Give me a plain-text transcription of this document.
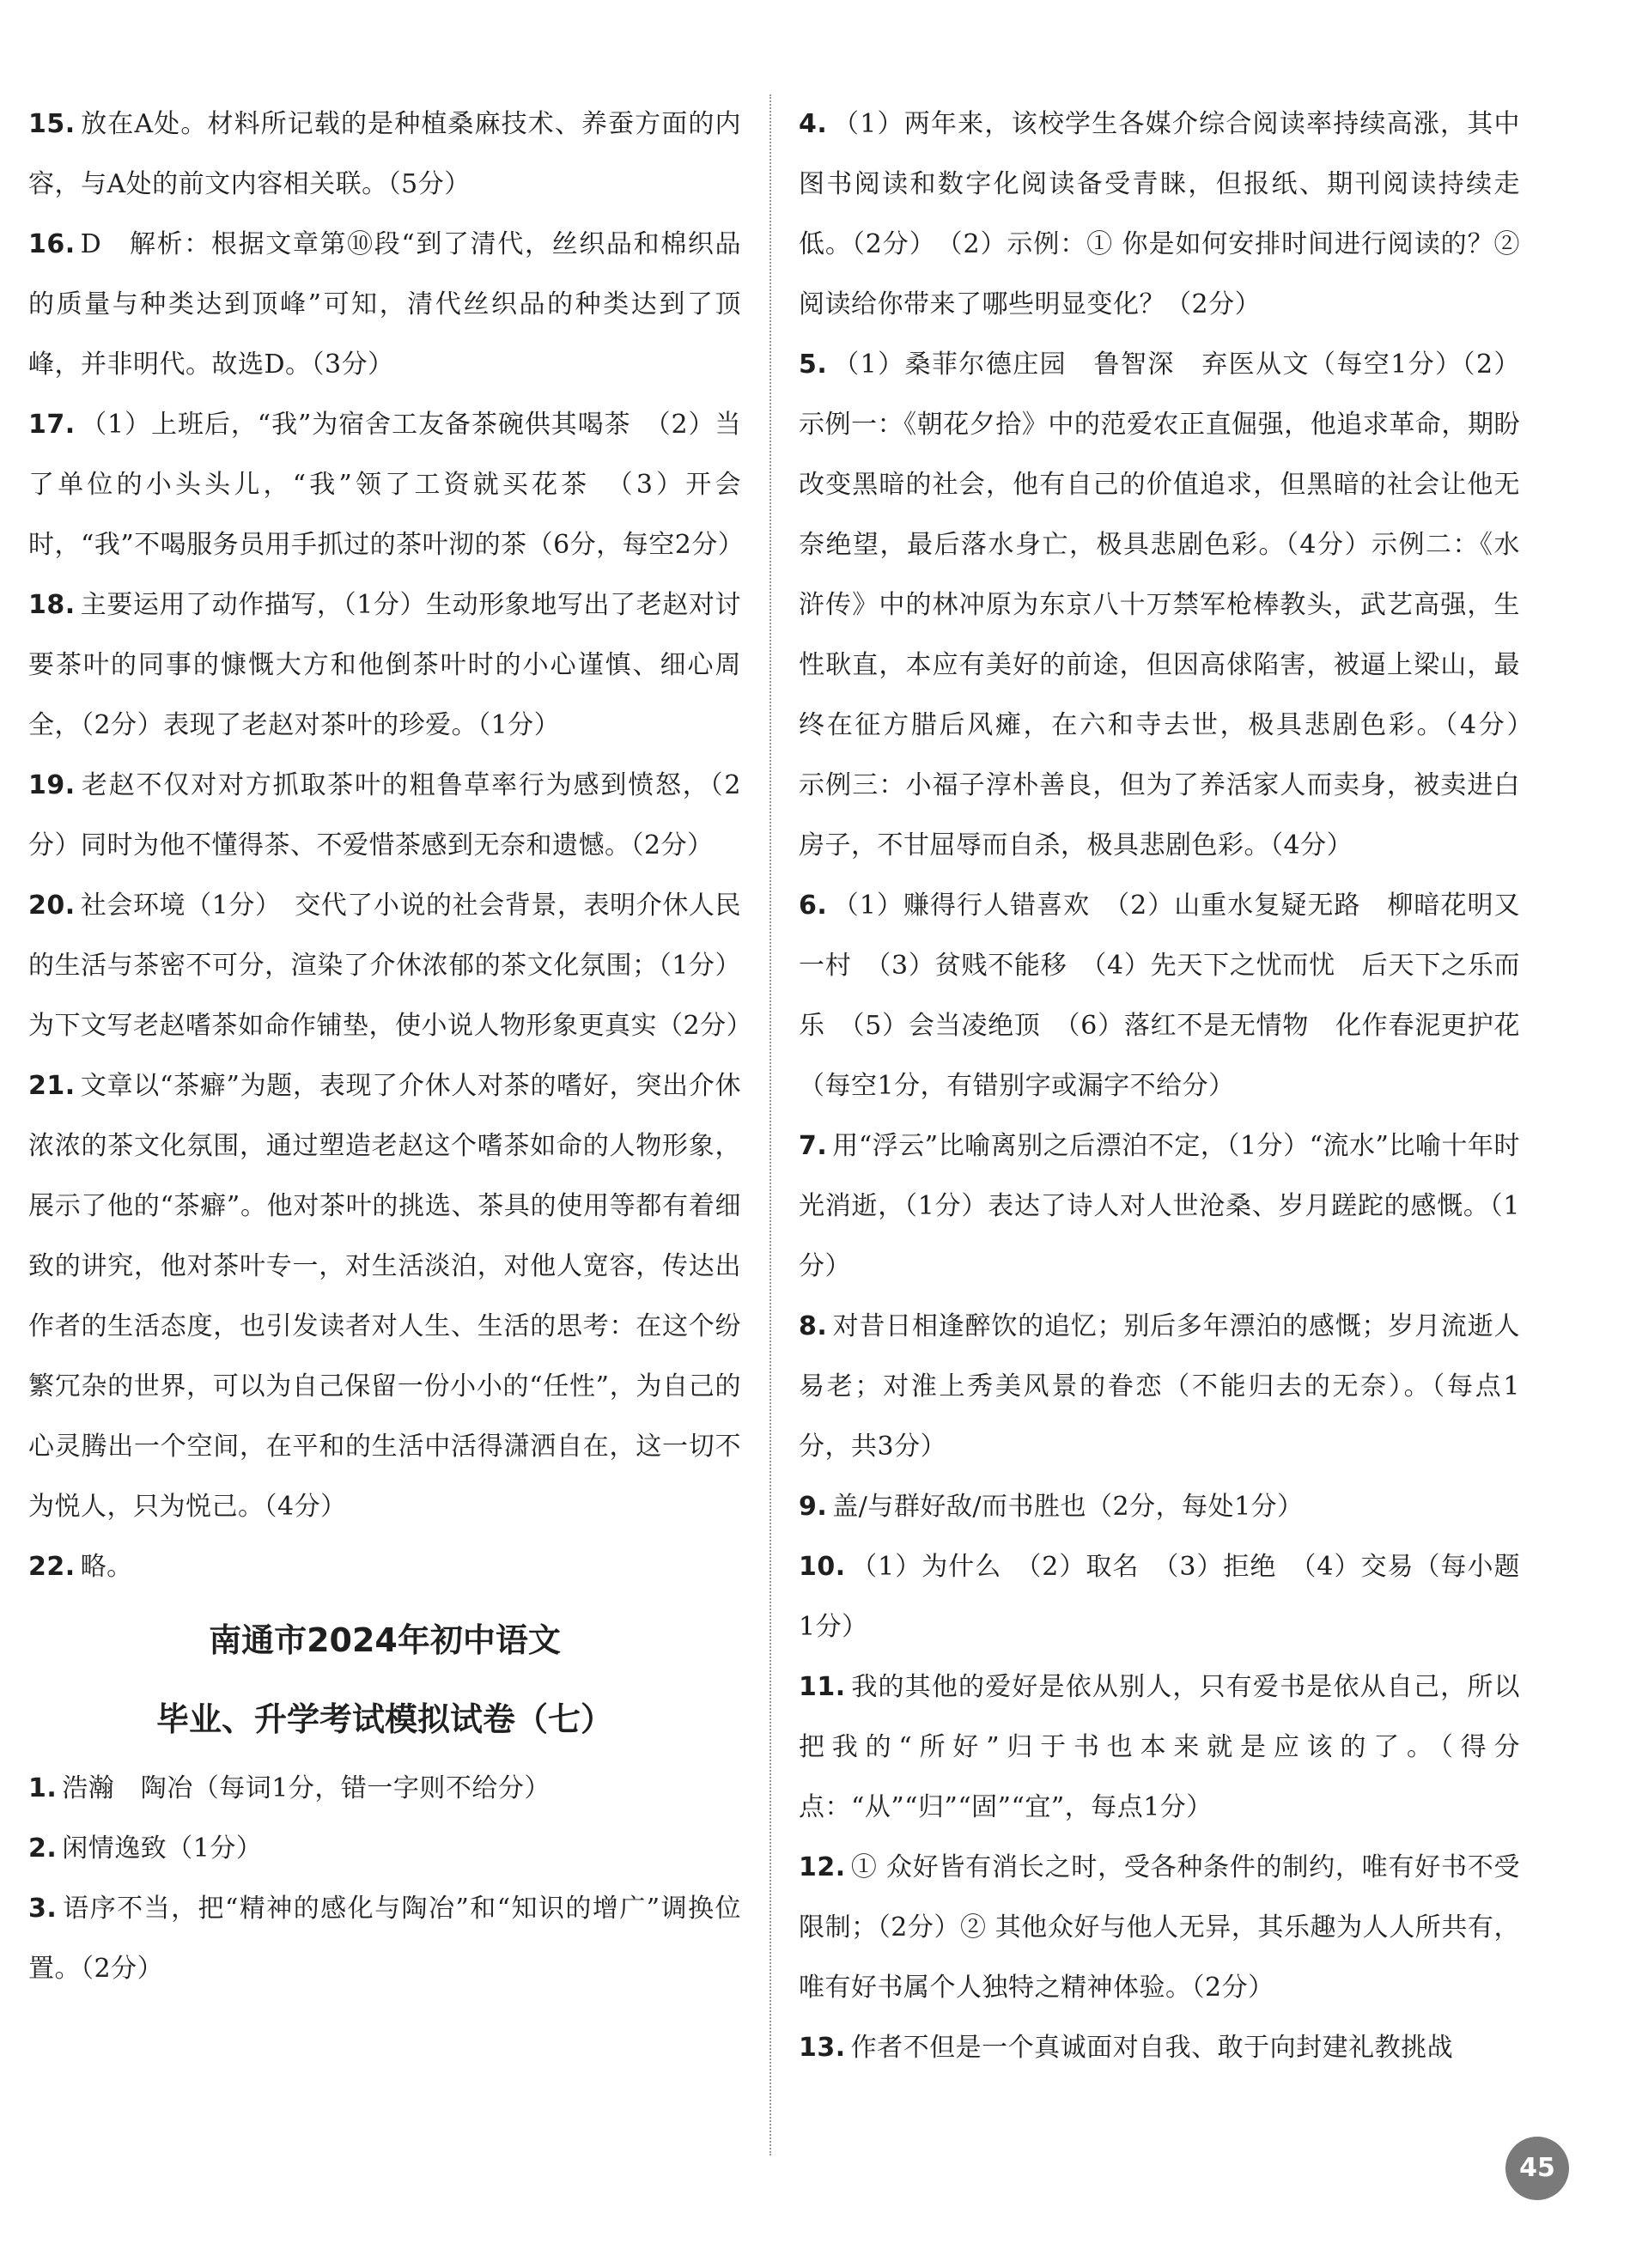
15. 放在A处。材料所记载的是种植桑麻技术、养蚕方面的内容，与A处的前文内容相关联。（5分）

16. D　解析：根据文章第⑩段“到了清代，丝织品和棉织品的质量与种类达到顶峰”可知，清代丝织品的种类达到了顶峰，并非明代。故选D。（3分）

17. （1）上班后，“我”为宿舍工友备茶碗供其喝茶　（2）当了单位的小头头儿，“我”领了工资就买花茶　（3）开会时，“我”不喝服务员用手抓过的茶叶沏的茶（6分，每空2分）

18. 主要运用了动作描写，（1分）生动形象地写出了老赵对讨要茶叶的同事的慷慨大方和他倒茶叶时的小心谨慎、细心周全，（2分）表现了老赵对茶叶的珍爱。（1分）

19. 老赵不仅对对方抓取茶叶的粗鲁草率行为感到愤怒，（2分）同时为他不懂得茶、不爱惜茶感到无奈和遗憾。（2分）

20. 社会环境（1分）　交代了小说的社会背景，表明介休人民的生活与茶密不可分，渲染了介休浓郁的茶文化氛围；（1分）为下文写老赵嗜茶如命作铺垫，使小说人物形象更真实（2分）

21. 文章以“茶癖”为题，表现了介休人对茶的嗜好，突出介休浓浓的茶文化氛围，通过塑造老赵这个嗜茶如命的人物形象，展示了他的“茶癖”。他对茶叶的挑选、茶具的使用等都有着细致的讲究，他对茶叶专一，对生活淡泊，对他人宽容，传达出作者的生活态度，也引发读者对人生、生活的思考：在这个纷繁冗杂的世界，可以为自己保留一份小小的“任性”，为自己的心灵腾出一个空间，在平和的生活中活得潇洒自在，这一切不为悦人，只为悦己。（4分）

22. 略。

南通市2024年初中语文
毕业、升学考试模拟试卷（七）

1. 浩瀚　陶冶（每词1分，错一字则不给分）

2. 闲情逸致（1分）

3. 语序不当，把“精神的感化与陶冶”和“知识的增广”调换位置。（2分）

4. （1）两年来，该校学生各媒介综合阅读率持续高涨，其中图书阅读和数字化阅读备受青睐，但报纸、期刊阅读持续走低。（2分）　（2）示例：① 你是如何安排时间进行阅读的？② 阅读给你带来了哪些明显变化？（2分）

5. （1）桑菲尔德庄园　鲁智深　弃医从文（每空1分）（2）示例一：《朝花夕拾》中的范爱农正直倔强，他追求革命，期盼改变黑暗的社会，他有自己的价值追求，但黑暗的社会让他无奈绝望，最后落水身亡，极具悲剧色彩。（4分）示例二：《水浒传》中的林冲原为东京八十万禁军枪棒教头，武艺高强，生性耿直，本应有美好的前途，但因高俅陷害，被逼上梁山，最终在征方腊后风瘫，在六和寺去世，极具悲剧色彩。（4分）　示例三：小福子淳朴善良，但为了养活家人而卖身，被卖进白房子，不甘屈辱而自杀，极具悲剧色彩。（4分）

6. （1）赚得行人错喜欢　（2）山重水复疑无路　柳暗花明又一村　（3）贫贱不能移　（4）先天下之忧而忧　后天下之乐而乐　（5）会当凌绝顶　（6）落红不是无情物　化作春泥更护花（每空1分，有错别字或漏字不给分）

7. 用“浮云”比喻离别之后漂泊不定，（1分）“流水”比喻十年时光消逝，（1分）表达了诗人对人世沧桑、岁月蹉跎的感慨。（1分）

8. 对昔日相逢醉饮的追忆；别后多年漂泊的感慨；岁月流逝人易老；对淮上秀美风景的眷恋（不能归去的无奈）。（每点1分，共3分）

9. 盖/与群好敌/而书胜也（2分，每处1分）

10. （1）为什么　（2）取名　（3）拒绝　（4）交易（每小题1分）

11. 我的其他的爱好是依从别人，只有爱书是依从自己，所以把我的“所好”归于书也本来就是应该的了。（得分点：“从”“归”“固”“宜”，每点1分）

12. ① 众好皆有消长之时，受各种条件的制约，唯有好书不受限制；（2分）② 其他众好与他人无异，其乐趣为人人所共有，唯有好书属个人独特之精神体验。（2分）

13. 作者不但是一个真诚面对自我、敢于向封建礼教挑战

45
